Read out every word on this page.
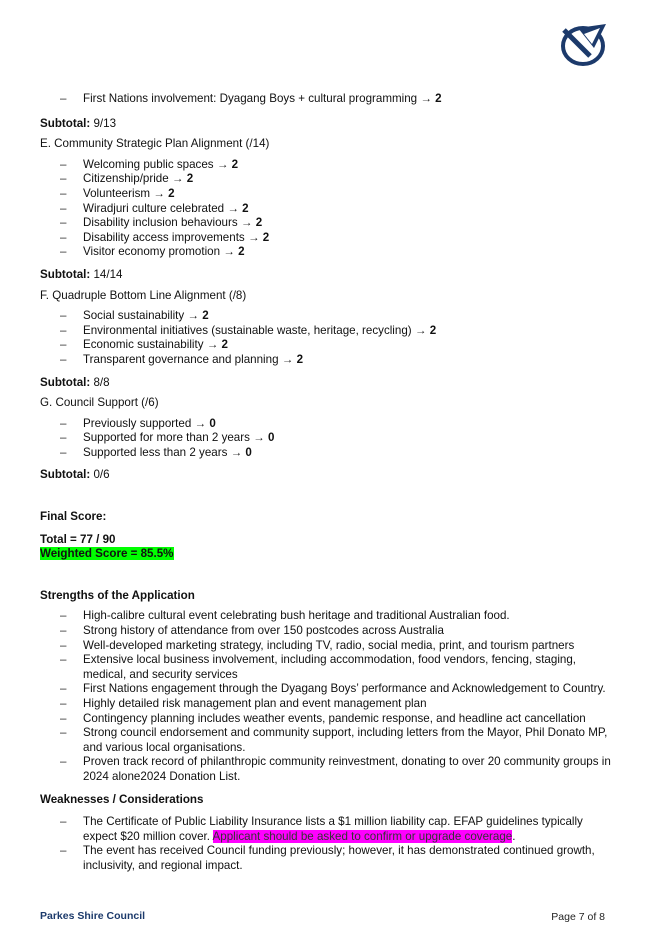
– First Nations involvement: Dyagang Boys + cultural programming → 2
Subtotal: 9/13
E. Community Strategic Plan Alignment (/14)
– Welcoming public spaces → 2
– Citizenship/pride → 2
– Volunteerism → 2
– Wiradjuri culture celebrated → 2
– Disability inclusion behaviours → 2
– Disability access improvements → 2
– Visitor economy promotion → 2
Subtotal: 14/14
F. Quadruple Bottom Line Alignment (/8)
– Social sustainability → 2
– Environmental initiatives (sustainable waste, heritage, recycling) → 2
– Economic sustainability → 2
– Transparent governance and planning → 2
Subtotal: 8/8
G. Council Support (/6)
– Previously supported → 0
– Supported for more than 2 years → 0
– Supported less than 2 years → 0
Subtotal: 0/6
Final Score:
Total = 77 / 90
Weighted Score = 85.5%
Strengths of the Application
– High-calibre cultural event celebrating bush heritage and traditional Australian food.
– Strong history of attendance from over 150 postcodes across Australia
– Well-developed marketing strategy, including TV, radio, social media, print, and tourism partners
– Extensive local business involvement, including accommodation, food vendors, fencing, staging, medical, and security services
– First Nations engagement through the Dyagang Boys’ performance and Acknowledgement to Country.
– Highly detailed risk management plan and event management plan
– Contingency planning includes weather events, pandemic response, and headline act cancellation
– Strong council endorsement and community support, including letters from the Mayor, Phil Donato MP, and various local organisations.
– Proven track record of philanthropic community reinvestment, donating to over 20 community groups in 2024 alone2024 Donation List.
Weaknesses / Considerations
– The Certificate of Public Liability Insurance lists a $1 million liability cap. EFAP guidelines typically expect $20 million cover. Applicant should be asked to confirm or upgrade coverage.
– The event has received Council funding previously; however, it has demonstrated continued growth, inclusivity, and regional impact.
Parkes Shire Council	Page 7 of 8
